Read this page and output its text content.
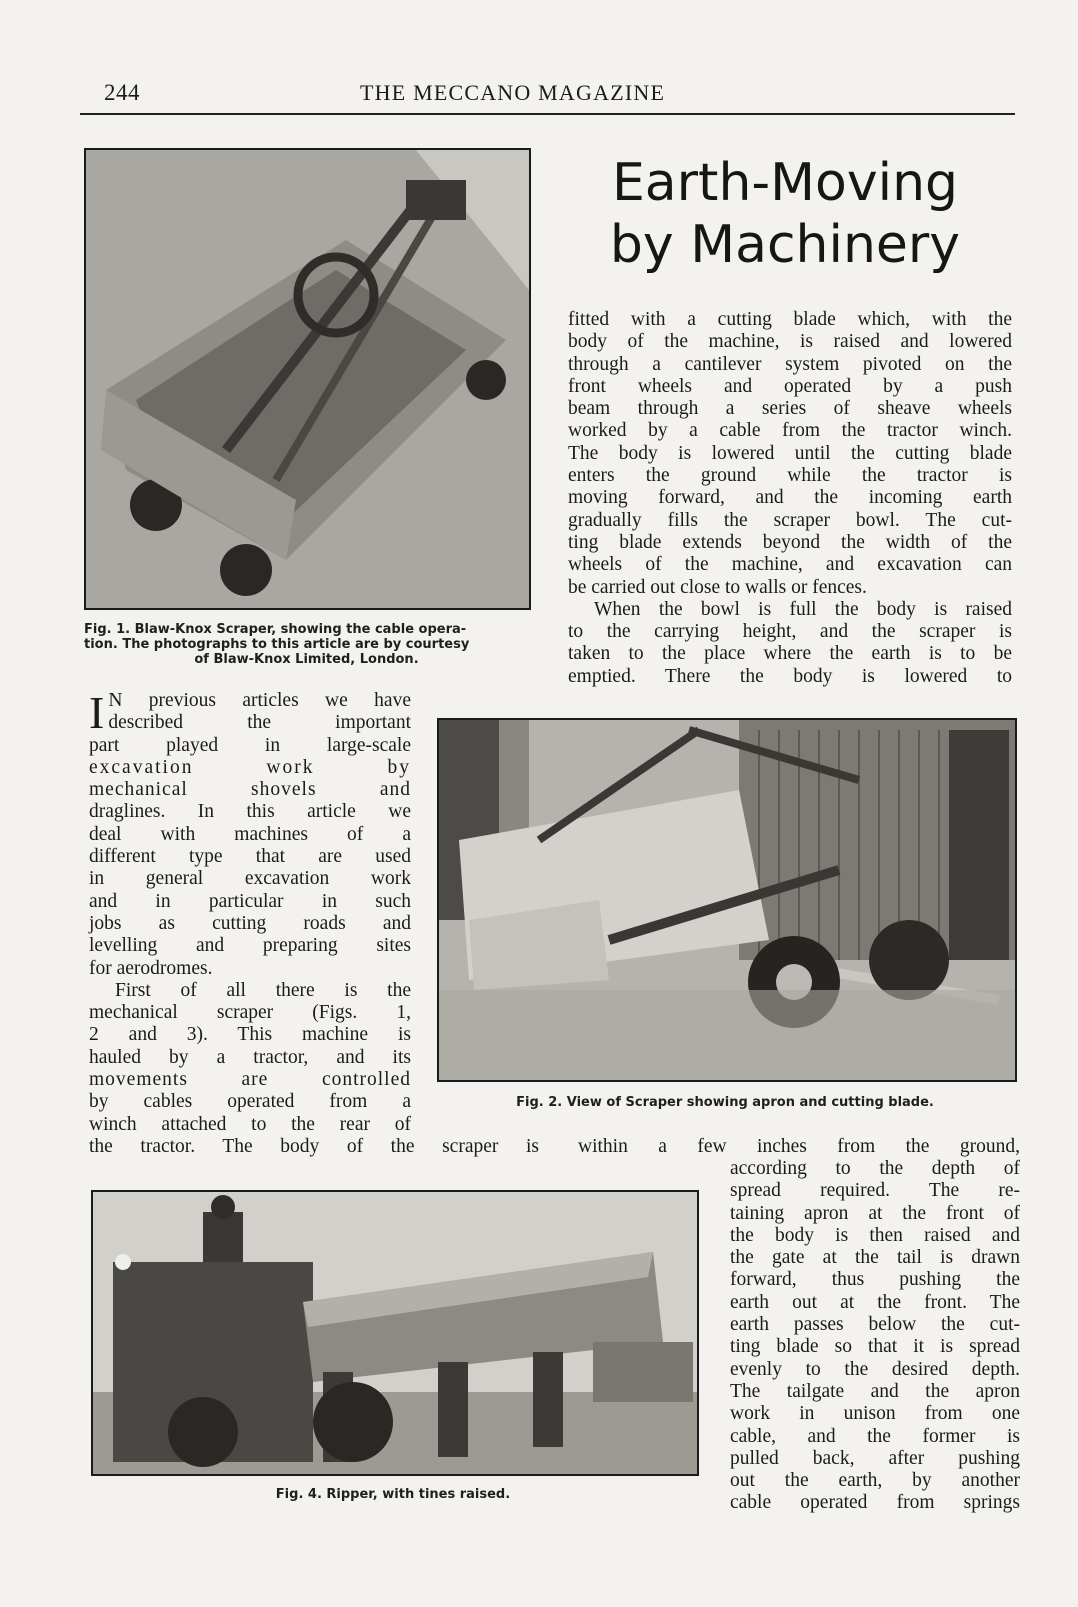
244	THE MECCANO MAGAZINE
Earth-Moving
by Machinery
Fig. 1. Blaw-Knox Scraper, showing the cable opera-
tion. The photographs to this article are by courtesy
of Blaw-Knox Limited, London.
fitted with a cutting blade which, with the
body of the machine, is raised and lowered
through a cantilever system pivoted on the
front wheels and operated by a push
beam through a series of sheave wheels
worked by a cable from the tractor winch.
The body is lowered until the cutting blade
enters the ground while the tractor is
moving forward, and the incoming earth
gradually fills the scraper bowl. The cut-
ting blade extends beyond the width of the
wheels of the machine, and excavation can
be carried out close to walls or fences.
When the bowl is full the body is raised
to the carrying height, and the scraper is
taken to the place where the earth is to be
emptied. There the body is lowered to
Fig. 2. View of Scraper showing apron and cutting blade.
I N previous articles we have
described the important
part played in large-scale
excavation work by
mechanical shovels and
draglines. In this article we
deal with machines of a
different type that are used
in general excavation work
and in particular in such
jobs as cutting roads and
levelling and preparing sites
for aerodromes.
First of all there is the
mechanical scraper (Figs. 1,
2 and 3). This machine is
hauled by a tractor, and its
movements are controlled
by cables operated from a
winch attached to the rear of
the tractor. The body of the scraper is within a few inches from the ground,
Fig. 4. Ripper, with tines raised.
according to the depth of
spread required. The re-
taining apron at the front of
the body is then raised and
the gate at the tail is drawn
forward, thus pushing the
earth out at the front. The
earth passes below the cut-
ting blade so that it is spread
evenly to the desired depth.
The tailgate and the apron
work in unison from one
cable, and the former is
pulled back, after pushing
out the earth, by another
cable operated from springs
